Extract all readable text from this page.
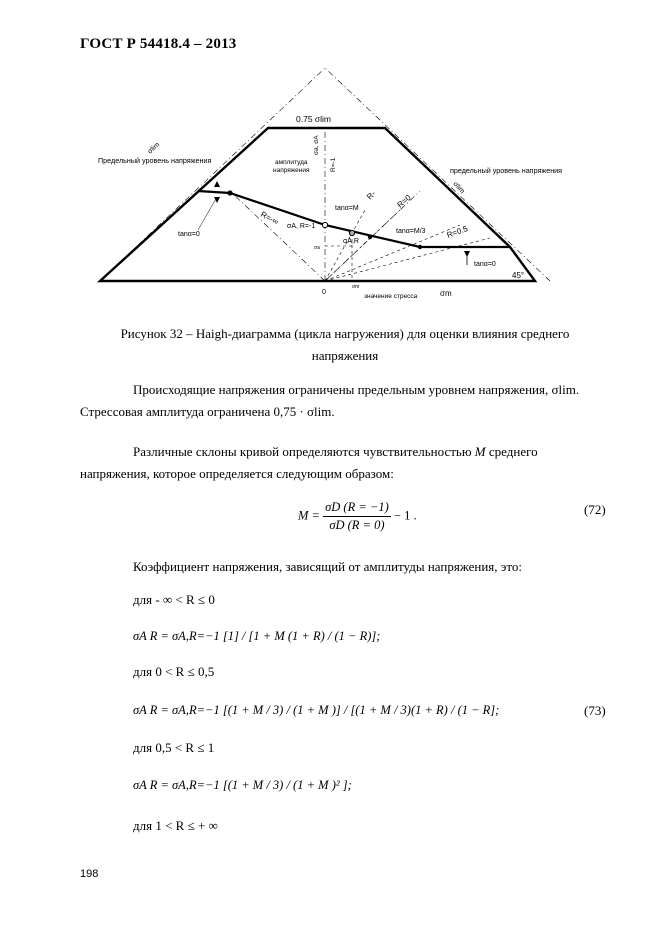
ГОСТ Р 54418.4 – 2013
0.75 σlim
σlim
σlim
Предельный уровень напряжения
предельный уровень напряжения
амплитуда
напряжения
σa, σA
R=-1
R=-∞
R- R=0
R=0.5
tanα=0
tanα=M
tanα=M/3
tanα=0
σA, R=-1
σA,R
σa
0
σm
значение стресса	σm
45°
Рисунок 32 – Haigh-диаграмма (цикла нагружения) для оценки влияния среднего
напряжения
Происходящие напряжения ограничены предельным уровнем напряжения, σlim.
Стрессовая амплитуда ограничена 0,75 · σlim.
Различные склоны кривой определяются чувствительностью M среднего
напряжения, которое определяется следующим образом:
$M = \frac{\sigma D (R = -1)}{\sigma D (R = 0)} - 1$ .	(72)
Коэффициент напряжения, зависящий от амплитуды напряжения, это:
для - ∞ < R ≤ 0
σA R = σA,R=−1 [1] / [1 + M (1 + R) / (1 − R)];
для 0 < R ≤ 0,5
σA R = σA,R=−1 [(1 + M / 3) / (1 + M )] / [(1 + M / 3)(1 + R) / (1 − R];	(73)
для 0,5 < R ≤ 1
σA R = σA,R=−1 [(1 + M / 3) / (1 + M )² ];
для 1 < R ≤ + ∞
198
